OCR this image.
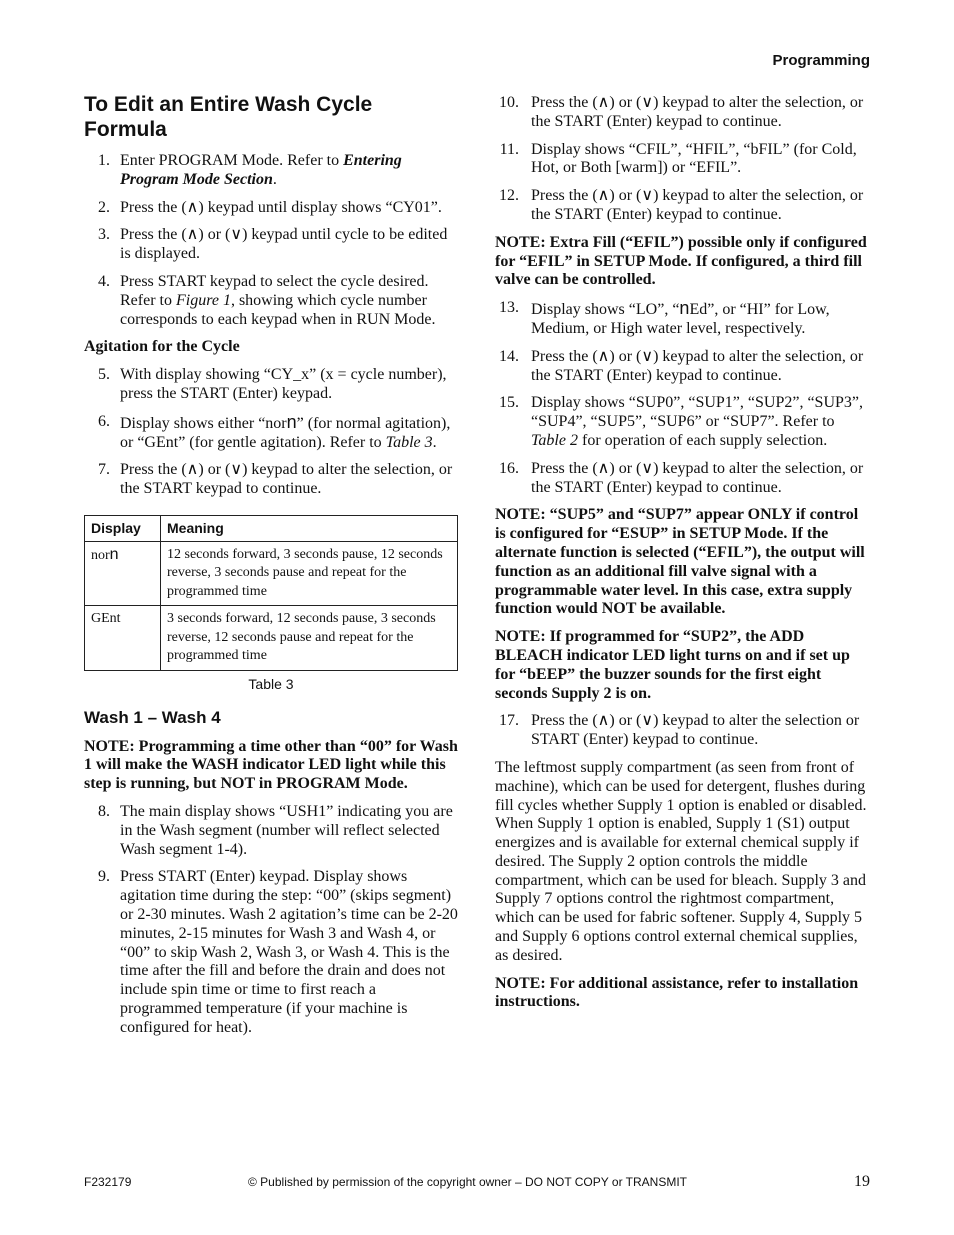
Programming
To Edit an Entire Wash Cycle Formula
1. Enter PROGRAM Mode. Refer to Entering Program Mode Section.
2. Press the (∧) keypad until display shows “CY01”.
3. Press the (∧) or (∨) keypad until cycle to be edited is displayed.
4. Press START keypad to select the cycle desired. Refer to Figure 1, showing which cycle number corresponds to each keypad when in RUN Mode.
Agitation for the Cycle
5. With display showing “CY_x” (x = cycle number), press the START (Enter) keypad.
6. Display shows either “norn” (for normal agitation), or “GEnt” (for gentle agitation). Refer to Table 3.
7. Press the (∧) or (∨) keypad to alter the selection, or the START keypad to continue.
Display	Meaning
norn	12 seconds forward, 3 seconds pause, 12 seconds reverse, 3 seconds pause and repeat for the programmed time
GEnt	3 seconds forward, 12 seconds pause, 3 seconds reverse, 12 seconds pause and repeat for the programmed time
Table 3
Wash 1 – Wash 4
NOTE: Programming a time other than “00” for Wash 1 will make the WASH indicator LED light while this step is running, but NOT in PROGRAM Mode.
8. The main display shows “USH1” indicating you are in the Wash segment (number will reflect selected Wash segment 1-4).
9. Press START (Enter) keypad. Display shows agitation time during the step: “00” (skips segment) or 2-30 minutes. Wash 2 agitation’s time can be 2-20 minutes, 2-15 minutes for Wash 3 and Wash 4, or “00” to skip Wash 2, Wash 3, or Wash 4. This is the time after the fill and before the drain and does not include spin time or time to first reach a programmed temperature (if your machine is configured for heat).
10. Press the (∧) or (∨) keypad to alter the selection, or the START (Enter) keypad to continue.
11. Display shows “CFIL”, “HFIL”, “bFIL” (for Cold, Hot, or Both [warm]) or “EFIL”.
12. Press the (∧) or (∨) keypad to alter the selection, or the START (Enter) keypad to continue.
NOTE: Extra Fill (“EFIL”) possible only if configured for “EFIL” in SETUP Mode. If configured, a third fill valve can be controlled.
13. Display shows “LO”, “nEd”, or “HI” for Low, Medium, or High water level, respectively.
14. Press the (∧) or (∨) keypad to alter the selection, or the START (Enter) keypad to continue.
15. Display shows “SUP0”, “SUP1”, “SUP2”, “SUP3”, “SUP4”, “SUP5”, “SUP6” or “SUP7”. Refer to Table 2 for operation of each supply selection.
16. Press the (∧) or (∨) keypad to alter the selection, or the START (Enter) keypad to continue.
NOTE: “SUP5” and “SUP7” appear ONLY if control is configured for “ESUP” in SETUP Mode. If the alternate function is selected (“EFIL”), the output will function as an additional fill valve signal with a programmable water level. In this case, extra supply function would NOT be available.
NOTE: If programmed for “SUP2”, the ADD BLEACH indicator LED light turns on and if set up for “bEEP” the buzzer sounds for the first eight seconds Supply 2 is on.
17. Press the (∧) or (∨) keypad to alter the selection or START (Enter) keypad to continue.
The leftmost supply compartment (as seen from front of machine), which can be used for detergent, flushes during fill cycles whether Supply 1 option is enabled or disabled. When Supply 1 option is enabled, Supply 1 (S1) output energizes and is available for external chemical supply if desired. The Supply 2 option controls the middle compartment, which can be used for bleach. Supply 3 and Supply 7 options control the rightmost compartment, which can be used for fabric softener. Supply 4, Supply 5 and Supply 6 options control external chemical supplies, as desired.
NOTE: For additional assistance, refer to installation instructions.
F232179	© Published by permission of the copyright owner – DO NOT COPY or TRANSMIT	19
